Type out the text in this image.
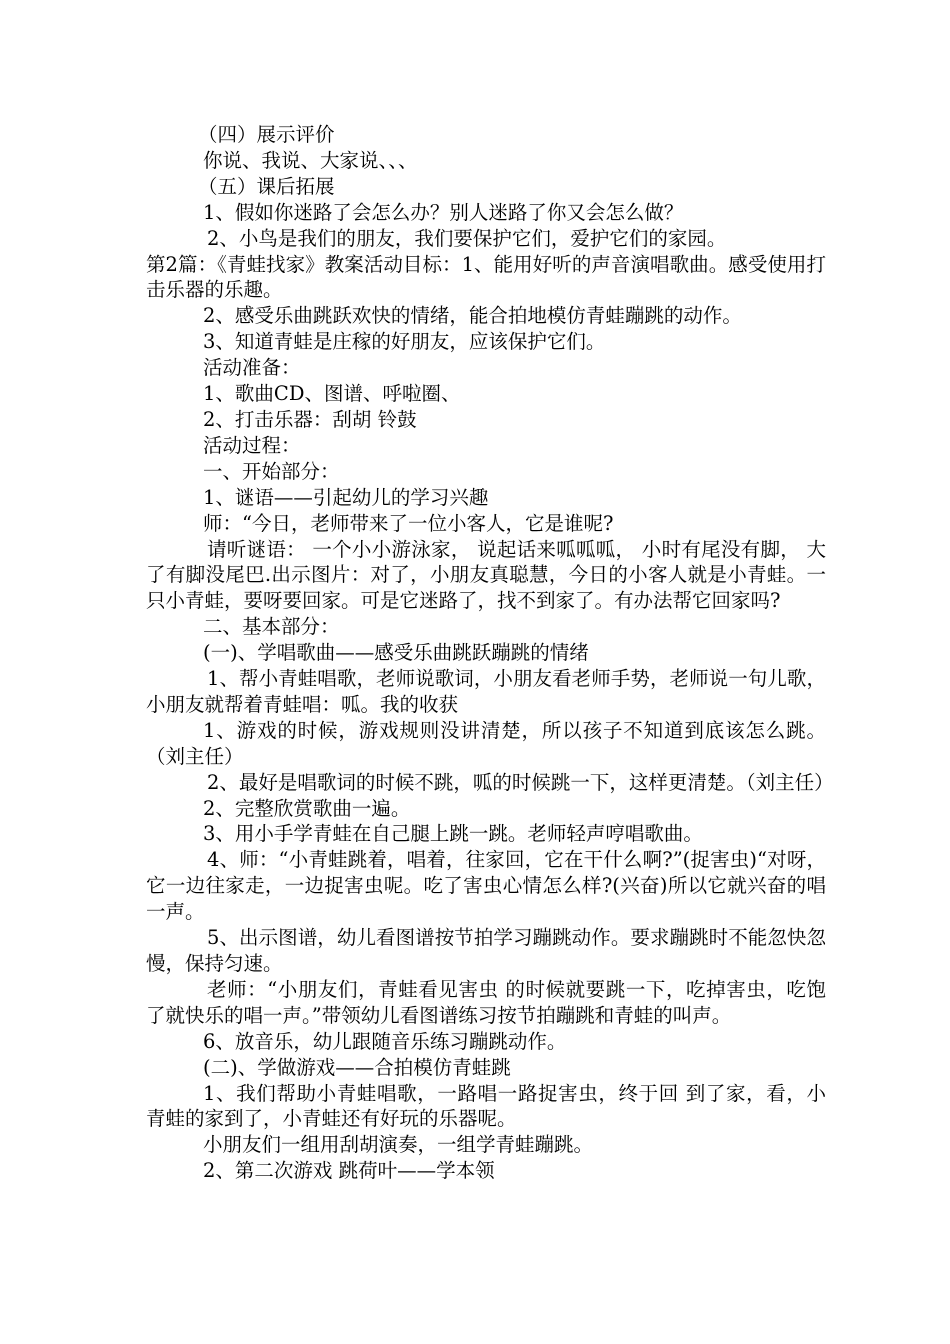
（四）展示评价

你说、我说、大家说、、、

（五）课后拓展

1、假如你迷路了会怎么办？别人迷路了你又会怎么做？

2、小鸟是我们的朋友，我们要保护它们，爱护它们的家园。

第2篇：《青蛙找家》教案活动目标：1、能用好听的声音演唱歌曲。感受使用打击乐器的乐趣。

2、感受乐曲跳跃欢快的情绪，能合拍地模仿青蛙蹦跳的动作。

3、知道青蛙是庄稼的好朋友，应该保护它们。

活动准备：

1、歌曲CD、图谱、呼啦圈、

2、打击乐器：刮胡 铃鼓

活动过程：

一、开始部分：

1、谜语——引起幼儿的学习兴趣

师：“今日，老师带来了一位小客人，它是谁呢?

请听谜语： 一个小小游泳家， 说起话来呱呱呱， 小时有尾没有脚， 大了有脚没尾巴.出示图片：对了，小朋友真聪慧，今日的小客人就是小青蛙。一只小青蛙，要呀要回家。可是它迷路了，找不到家了。有办法帮它回家吗?

二、基本部分：

(一)、学唱歌曲——感受乐曲跳跃蹦跳的情绪

1、帮小青蛙唱歌，老师说歌词，小朋友看老师手势，老师说一句儿歌，小朋友就帮着青蛙唱：呱。我的收获

1、游戏的时候，游戏规则没讲清楚，所以孩子不知道到底该怎么跳。（刘主任）

2、最好是唱歌词的时候不跳，呱的时候跳一下，这样更清楚。（刘主任）

2、完整欣赏歌曲一遍。

3、用小手学青蛙在自己腿上跳一跳。老师轻声哼唱歌曲。

4、师：“小青蛙跳着，唱着，往家回，它在干什么啊?”(捉害虫)“对呀，它一边往家走，一边捉害虫呢。吃了害虫心情怎么样?(兴奋)所以它就兴奋的唱一声。

5、出示图谱，幼儿看图谱按节拍学习蹦跳动作。要求蹦跳时不能忽快忽慢，保持匀速。

老师：“小朋友们，青蛙看见害虫 的时候就要跳一下，吃掉害虫，吃饱了就快乐的唱一声。”带领幼儿看图谱练习按节拍蹦跳和青蛙的叫声。

6、放音乐，幼儿跟随音乐练习蹦跳动作。

(二)、学做游戏——合拍模仿青蛙跳

1、我们帮助小青蛙唱歌，一路唱一路捉害虫，终于回 到了家，看，小青蛙的家到了，小青蛙还有好玩的乐器呢。

小朋友们一组用刮胡演奏，一组学青蛙蹦跳。

2、第二次游戏 跳荷叶——学本领
